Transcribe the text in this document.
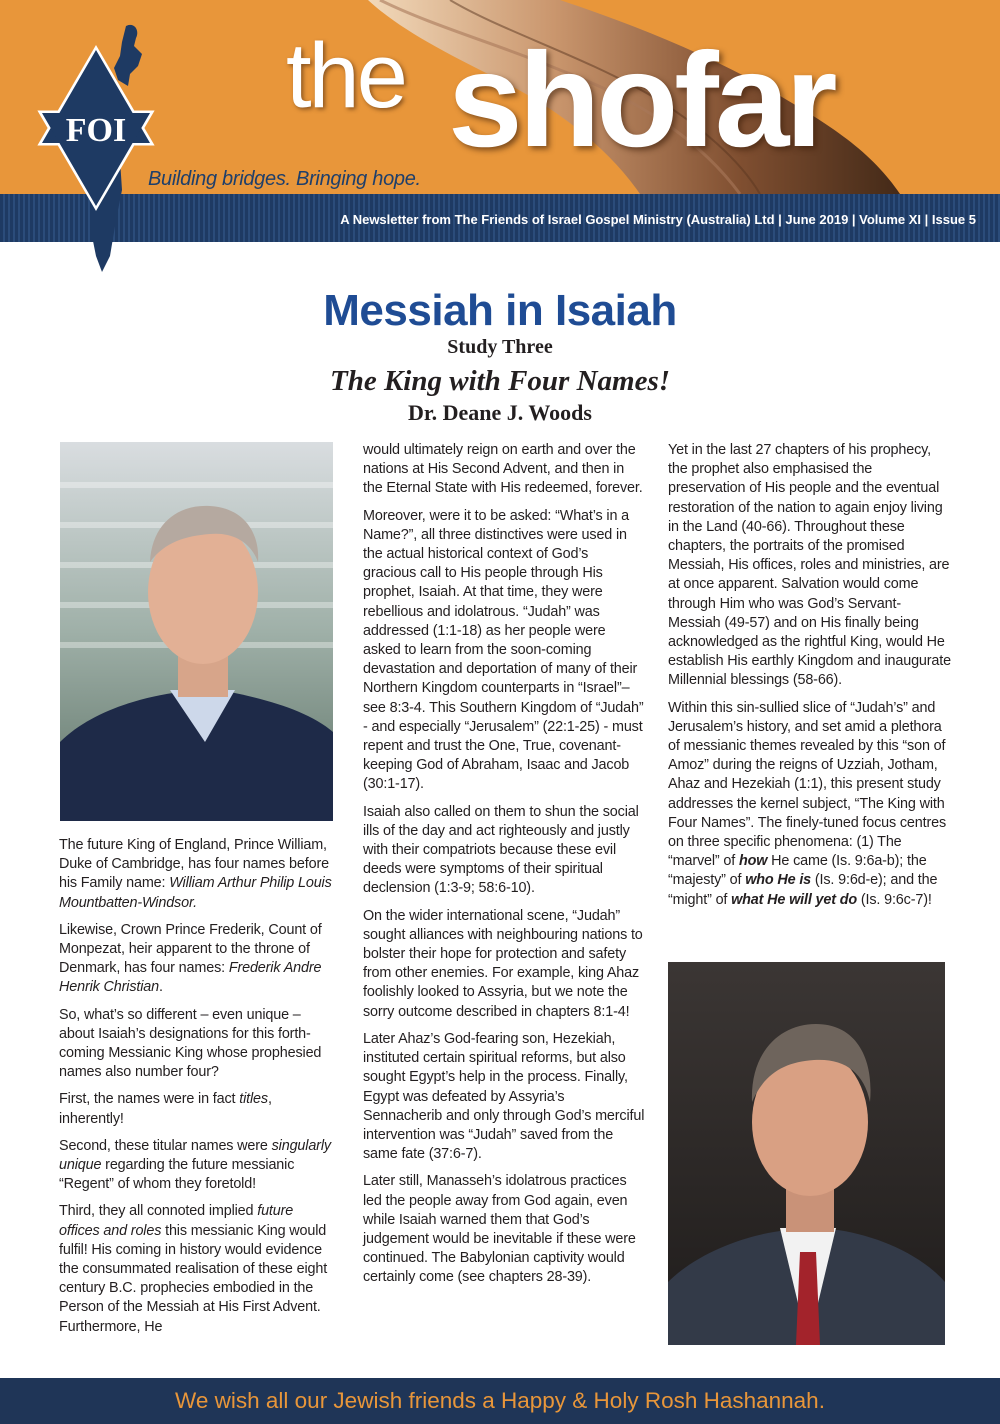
the shofar
Building bridges. Bringing hope.
A Newsletter from The Friends of Israel Gospel Ministry (Australia) Ltd | June 2019 | Volume XI | Issue 5
FOI
Messiah in Isaiah
Study Three
The King with Four Names!
Dr. Deane J. Woods

The future King of England, Prince William, Duke of Cambridge, has four names before his Family name: William Arthur Philip Louis Mountbatten-Windsor.

Likewise, Crown Prince Frederik, Count of Monpezat, heir apparent to the throne of Denmark, has four names: Frederik Andre Henrik Christian.

So, what’s so different – even unique – about Isaiah’s designations for this forth-coming Messianic King whose prophesied names also number four?

First, the names were in fact titles, inherently!

Second, these titular names were singularly unique regarding the future messianic “Regent” of whom they foretold!

Third, they all connoted implied future offices and roles this messianic King would fulfil! His coming in history would evidence the consummated realisation of these eight century B.C. prophecies embodied in the Person of the Messiah at His First Advent. Furthermore, He

would ultimately reign on earth and over the nations at His Second Advent, and then in the Eternal State with His redeemed, forever.

Moreover, were it to be asked: “What’s in a Name?”, all three distinctives were used in the actual historical context of God’s gracious call to His people through His prophet, Isaiah. At that time, they were rebellious and idolatrous. “Judah” was addressed (1:1-18) as her people were asked to learn from the soon-coming devastation and deportation of many of their Northern Kingdom counterparts in “Israel”– see 8:3-4. This Southern Kingdom of “Judah” - and especially “Jerusalem” (22:1-25) - must repent and trust the One, True, covenant-keeping God of Abraham, Isaac and Jacob (30:1-17).

Isaiah also called on them to shun the social ills of the day and act righteously and justly with their compatriots because these evil deeds were symptoms of their spiritual declension (1:3-9; 58:6-10).

On the wider international scene, “Judah” sought alliances with neighbouring nations to bolster their hope for protection and safety from other enemies. For example, king Ahaz foolishly looked to Assyria, but we note the sorry outcome described in chapters 8:1-4!

Later Ahaz’s God-fearing son, Hezekiah, instituted certain spiritual reforms, but also sought Egypt’s help in the process. Finally, Egypt was defeated by Assyria’s Sennacherib and only through God’s merciful intervention was “Judah” saved from the same fate (37:6-7).

Later still, Manasseh’s idolatrous practices led the people away from God again, even while Isaiah warned them that God’s judgement would be inevitable if these were continued. The Babylonian captivity would certainly come (see chapters 28-39).

Yet in the last 27 chapters of his prophecy, the prophet also emphasised the preservation of His people and the eventual restoration of the nation to again enjoy living in the Land (40-66). Throughout these chapters, the portraits of the promised Messiah, His offices, roles and ministries, are at once apparent. Salvation would come through Him who was God’s Servant-Messiah (49-57) and on His finally being acknowledged as the rightful King, would He establish His earthly Kingdom and inaugurate Millennial blessings (58-66).

Within this sin-sullied slice of “Judah’s” and Jerusalem’s history, and set amid a plethora of messianic themes revealed by this “son of Amoz” during the reigns of Uzziah, Jotham, Ahaz and Hezekiah (1:1), this present study addresses the kernel subject, “The King with Four Names”. The finely-tuned focus centres on three specific phenomena: (1) The “marvel” of how He came (Is. 9:6a-b); the “majesty” of who He is (Is. 9:6d-e); and the “might” of what He will yet do (Is. 9:6c-7)!

We wish all our Jewish friends a Happy & Holy Rosh Hashannah.
